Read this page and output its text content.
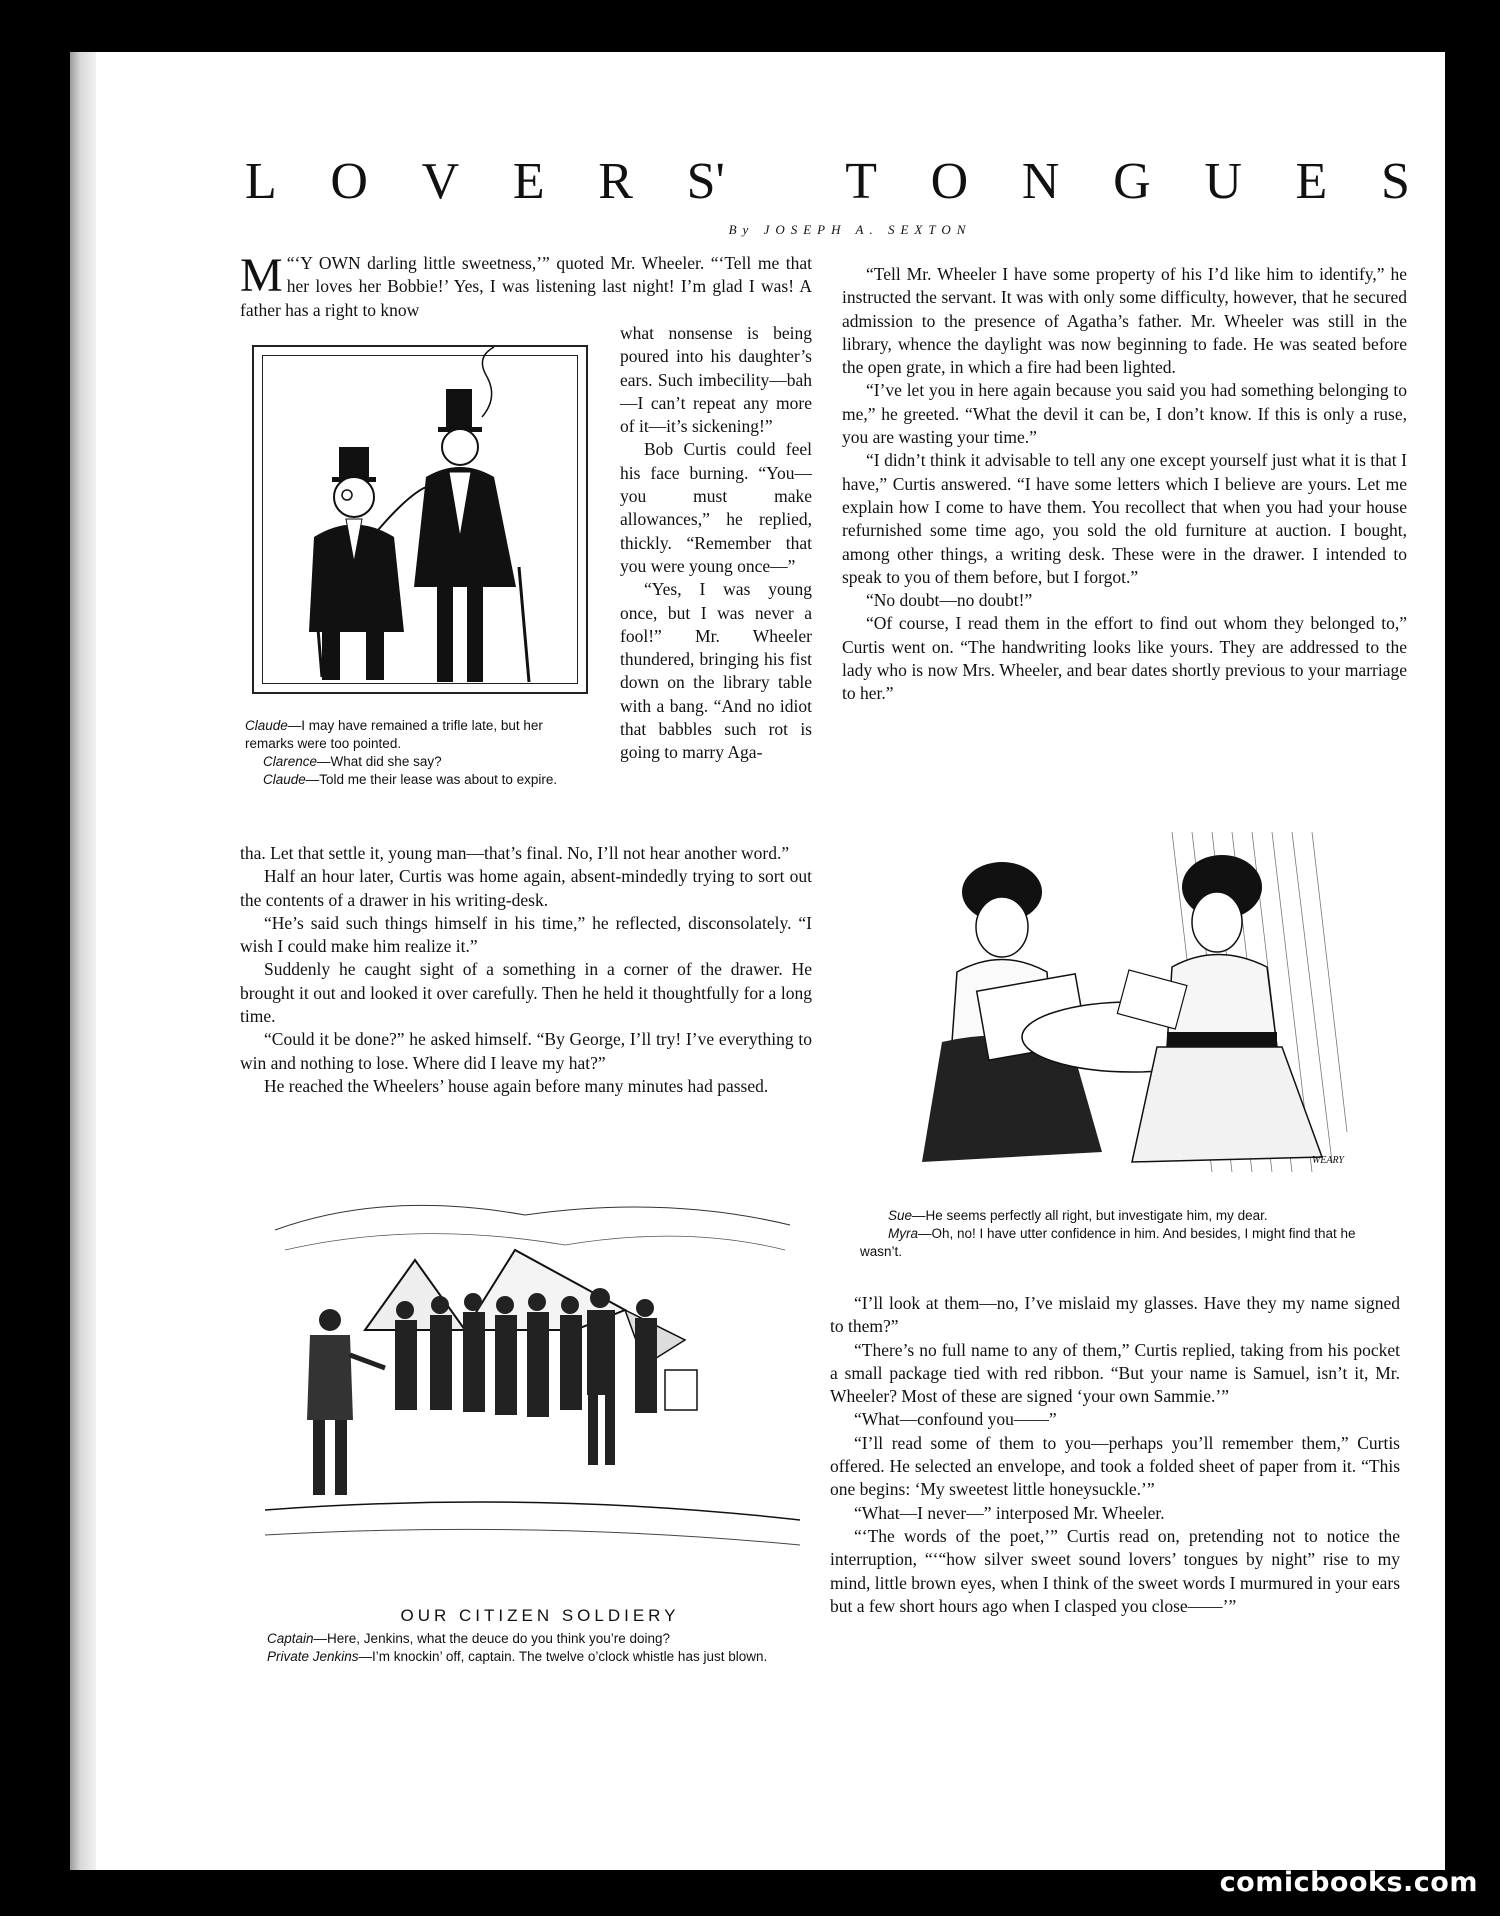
L O V E R S'
T O N G U E S
By JOSEPH A. SEXTON

“‘
M Y OWN darling little sweetness,’” quoted Mr. Wheeler. “‘Tell me that her loves her Bobbie!’ Yes, I was listening last night! I’m glad I was! A father has a right to know

Claude—I may have remained a trifle late, but her remarks were too pointed.

Clarence—What did she say?

Claude—Told me their lease was about to expire.

what nonsense is being poured into his daughter’s ears. Such imbecility—bah—I can’t repeat any more of it—it’s sickening!”

Bob Curtis could feel his face burning. “You—you must make allowances,” he replied, thickly. “Remember that you were young once—”

“Yes, I was young once, but I was never a fool!” Mr. Wheeler thundered, bringing his fist down on the library table with a bang. “And no idiot that babbles such rot is going to marry Aga-

tha. Let that settle it, young man—that’s final. No, I’ll not hear another word.”

Half an hour later, Curtis was home again, absent-mindedly trying to sort out the contents of a drawer in his writing-desk.

“He’s said such things himself in his time,” he reflected, disconsolately. “I wish I could make him realize it.”

Suddenly he caught sight of a something in a corner of the drawer. He brought it out and looked it over carefully. Then he held it thoughtfully for a long time.

“Could it be done?” he asked himself. “By George, I’ll try! I’ve everything to win and nothing to lose. Where did I leave my hat?”

He reached the Wheelers’ house again before many minutes had passed.

OUR CITIZEN SOLDIERY

Captain—Here, Jenkins, what the deuce do you think you’re doing?

Private Jenkins—I’m knockin’ off, captain. The twelve o’clock whistle has just blown.

“Tell Mr. Wheeler I have some property of his I’d like him to identify,” he instructed the servant. It was with only some difficulty, however, that he secured admission to the presence of Agatha’s father. Mr. Wheeler was still in the library, whence the daylight was now beginning to fade. He was seated before the open grate, in which a fire had been lighted.

“I’ve let you in here again because you said you had something belonging to me,” he greeted. “What the devil it can be, I don’t know. If this is only a ruse, you are wasting your time.”

“I didn’t think it advisable to tell any one except yourself just what it is that I have,” Curtis answered. “I have some letters which I believe are yours. Let me explain how I come to have them. You recollect that when you had your house refurnished some time ago, you sold the old furniture at auction. I bought, among other things, a writing desk. These were in the drawer. I intended to speak to you of them before, but I forgot.”

“No doubt—no doubt!”

“Of course, I read them in the effort to find out whom they belonged to,” Curtis went on. “The handwriting looks like yours. They are addressed to the lady who is now Mrs. Wheeler, and bear dates shortly previous to your marriage to her.”

WEARY

Sue—He seems perfectly all right, but investigate him, my dear.

Myra—Oh, no! I have utter confidence in him. And besides, I might find that he wasn’t.

“I’ll look at them—no, I’ve mislaid my glasses. Have they my name signed to them?”

“There’s no full name to any of them,” Curtis replied, taking from his pocket a small package tied with red ribbon. “But your name is Samuel, isn’t it, Mr. Wheeler? Most of these are signed ‘your own Sammie.’”

“What—confound you——”

“I’ll read some of them to you—perhaps you’ll remember them,” Curtis offered. He selected an envelope, and took a folded sheet of paper from it. “This one begins: ‘My sweetest little honeysuckle.’”

“What—I never—” interposed Mr. Wheeler.

“‘The words of the poet,’” Curtis read on, pretending not to notice the interruption, “‘“how silver sweet sound lovers’ tongues by night” rise to my mind, little brown eyes, when I think of the sweet words I murmured in your ears but a few short hours ago when I clasped you close——’”

comicbooks.com
